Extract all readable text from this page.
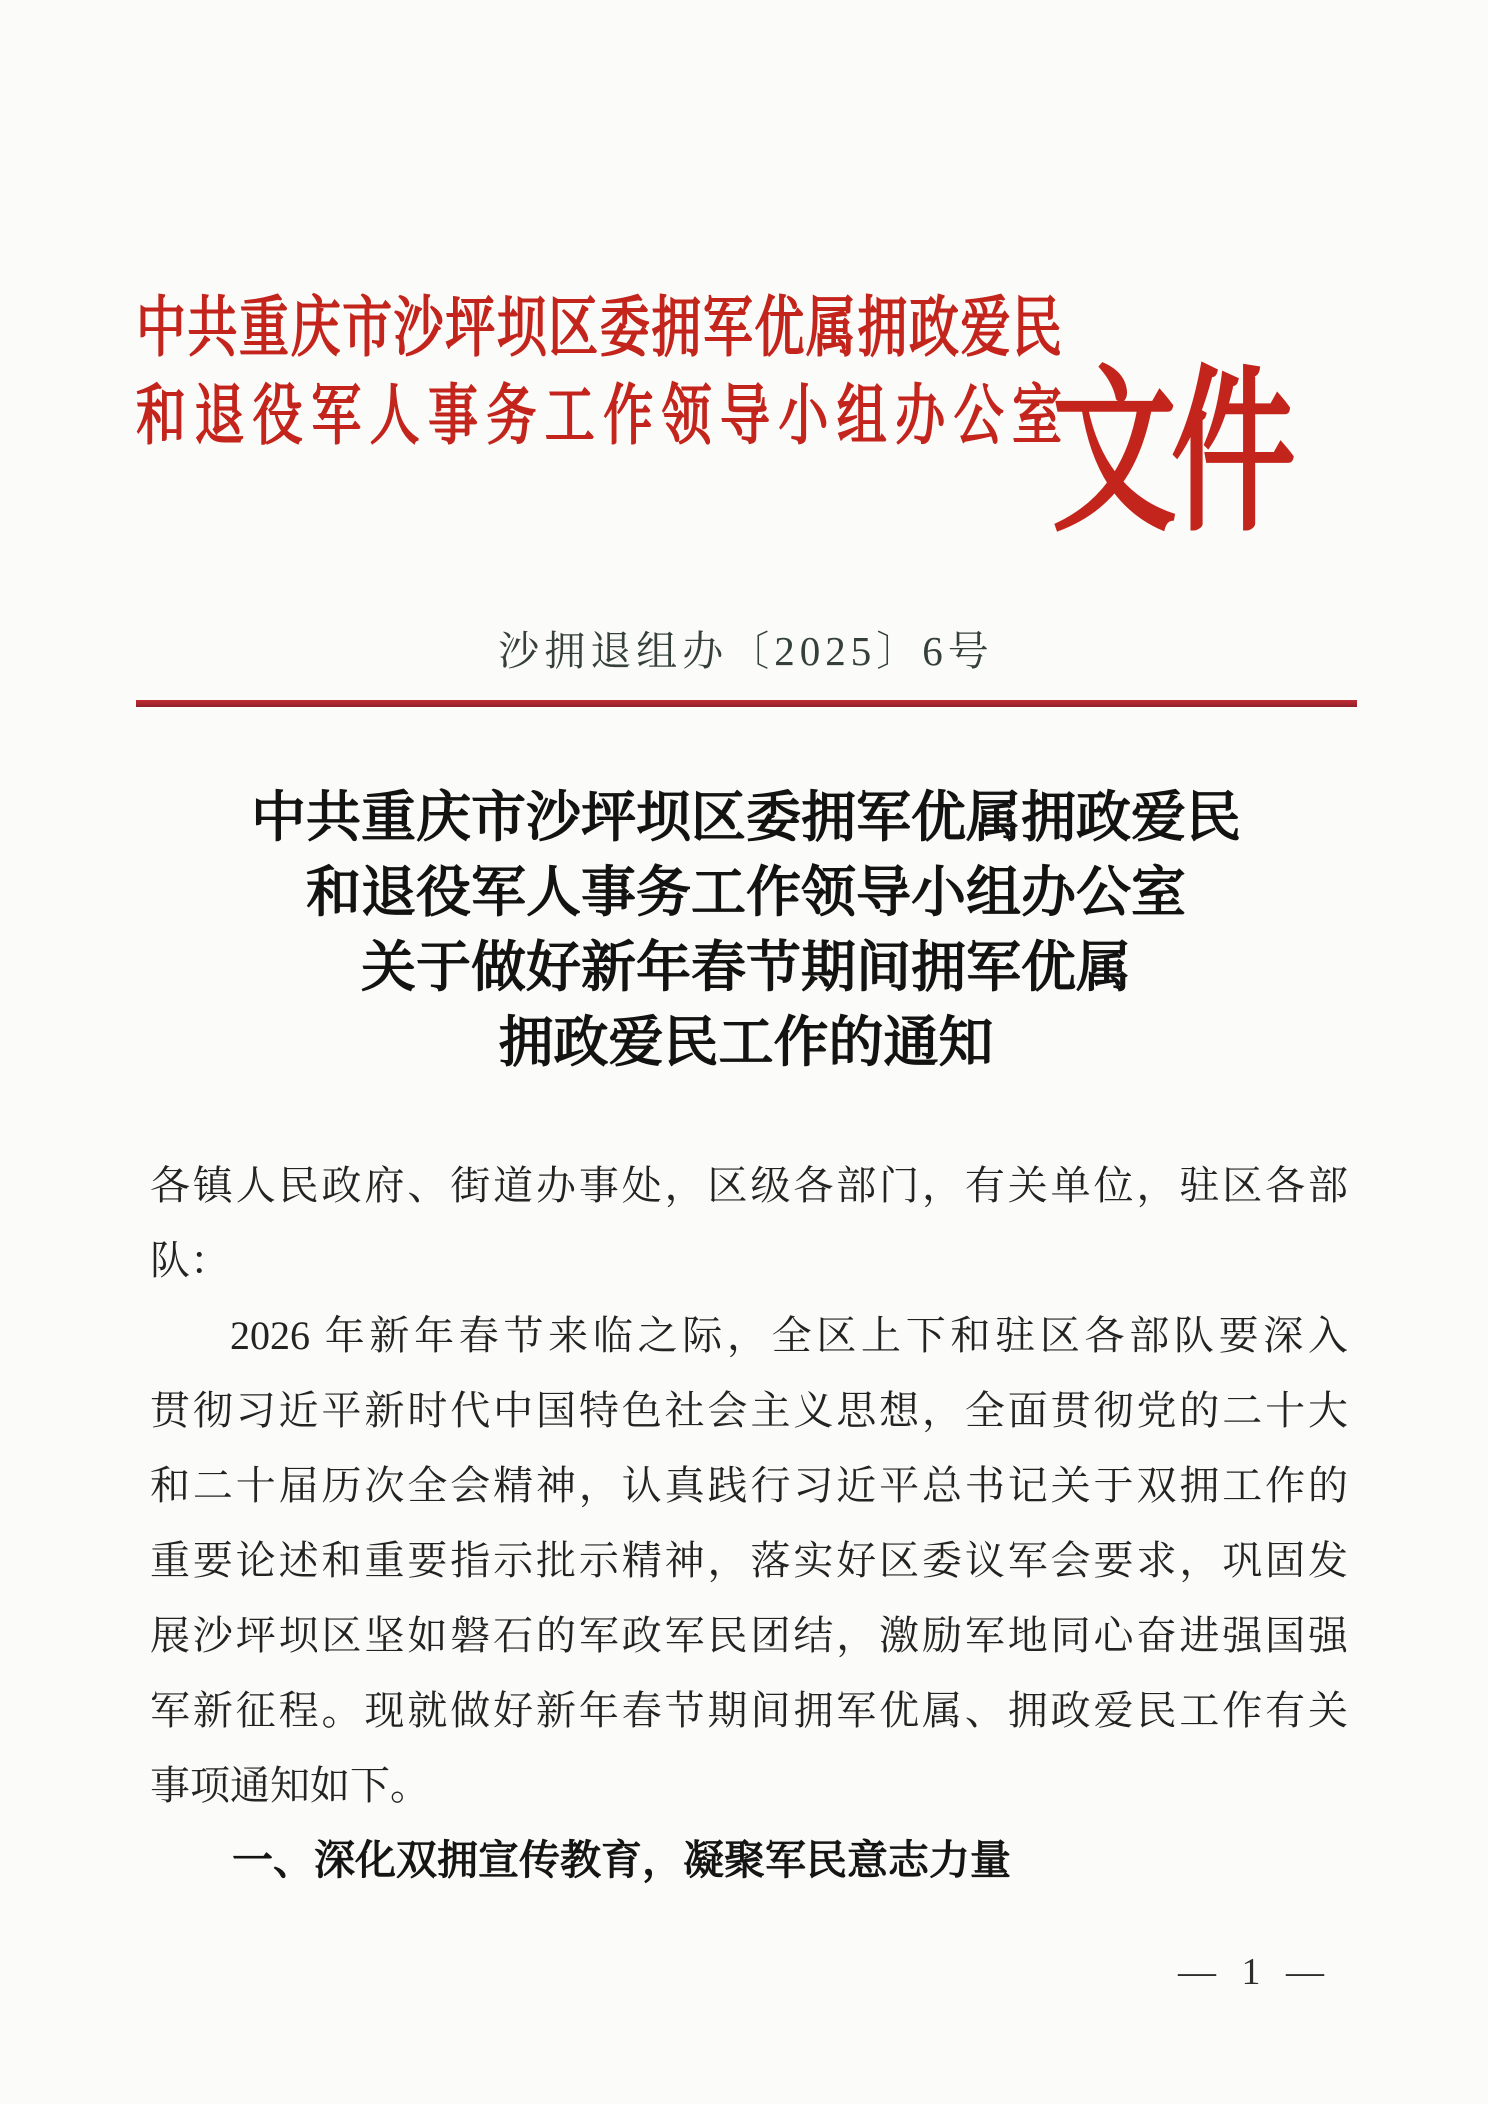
中共重庆市沙坪坝区委拥军优属拥政爱民
和退役军人事务工作领导小组办公室
文件
沙拥退组办〔2025〕6号
中共重庆市沙坪坝区委拥军优属拥政爱民
和退役军人事务工作领导小组办公室
关于做好新年春节期间拥军优属
拥政爱民工作的通知
各镇人民政府、街道办事处，区级各部门，有关单位，驻区各部
队：
2026 年新年春节来临之际，全区上下和驻区各部队要深入
贯彻习近平新时代中国特色社会主义思想，全面贯彻党的二十大
和二十届历次全会精神，认真践行习近平总书记关于双拥工作的
重要论述和重要指示批示精神，落实好区委议军会要求，巩固发
展沙坪坝区坚如磐石的军政军民团结，激励军地同心奋进强国强
军新征程。现就做好新年春节期间拥军优属、拥政爱民工作有关
事项通知如下。
一、深化双拥宣传教育，凝聚军民意志力量
— 1 —
